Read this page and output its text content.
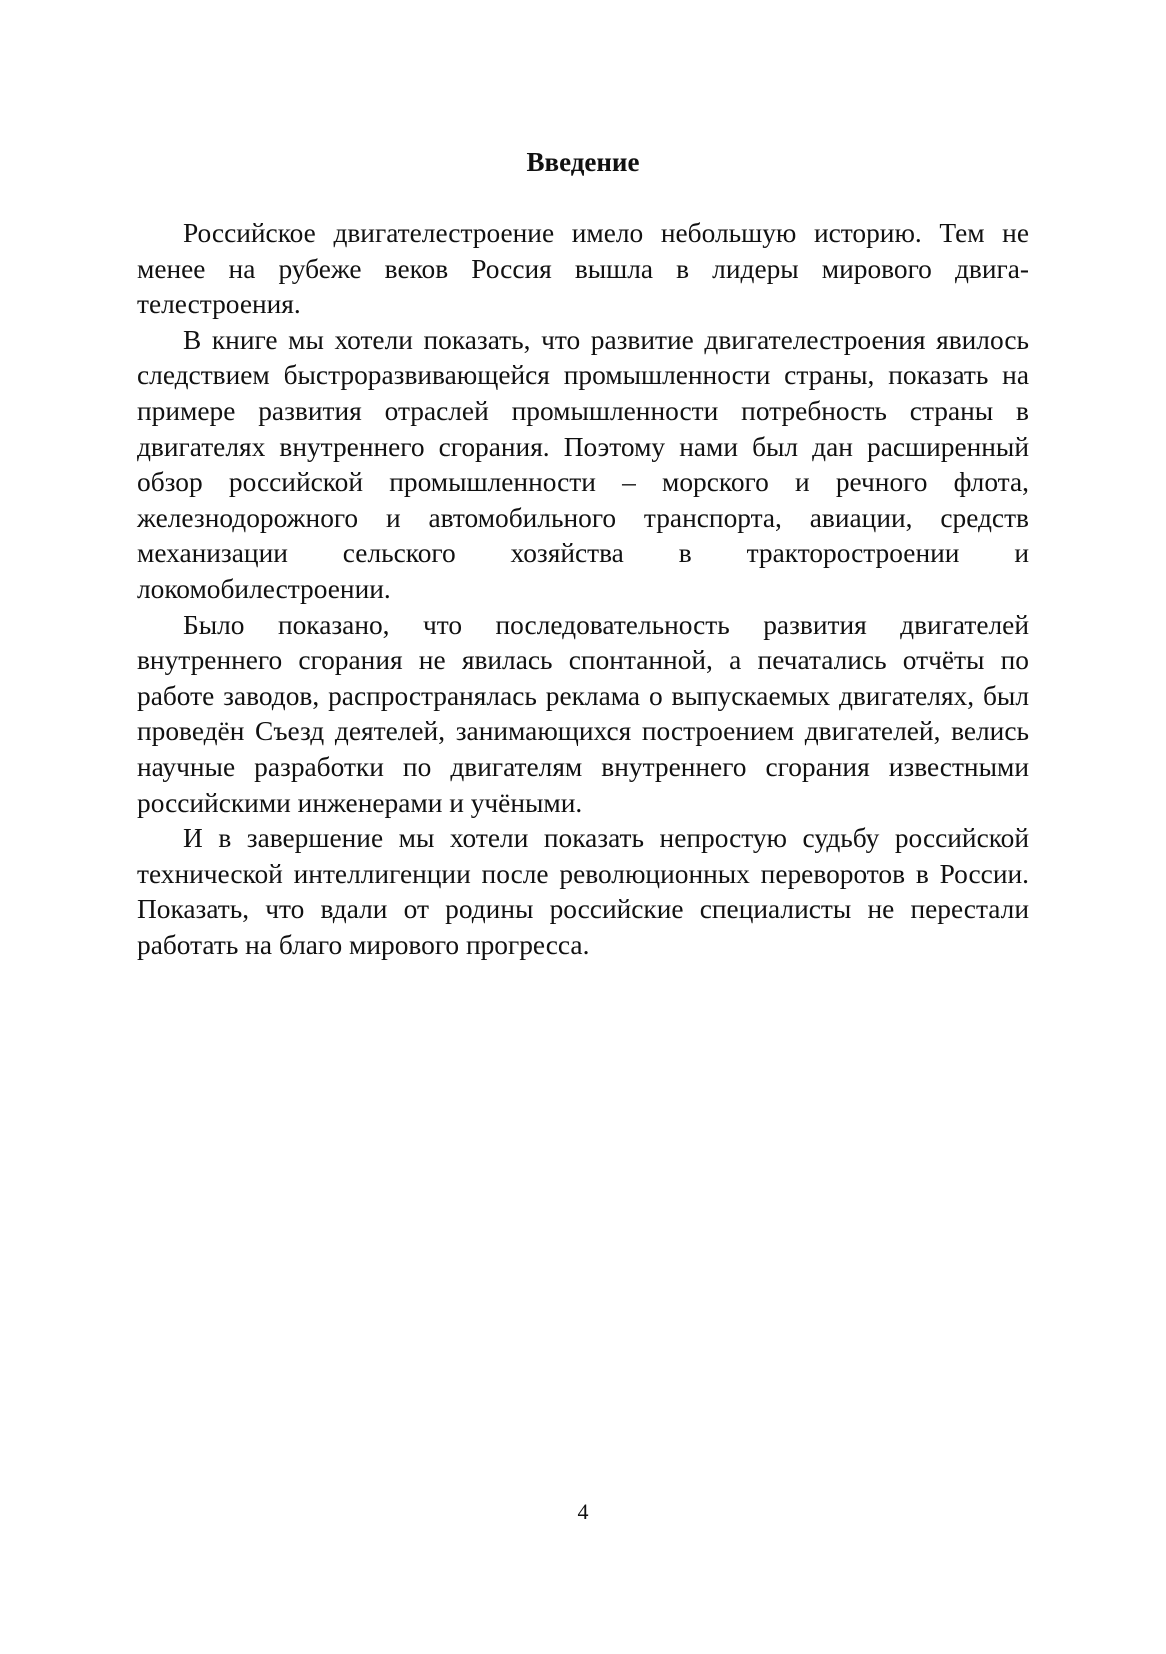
Введение

Российское двигателестроение имело небольшую историю. Тем не менее на рубеже веков Россия вышла в лидеры мирового двигателестроения.

В книге мы хотели показать, что развитие двигателестроения явилось следствием быстроразвивающейся промышленности страны, показать на примере развития отраслей промышленности потребность страны в двигателях внутреннего сгорания. Поэтому нами был дан расширенный обзор российской промышленности – морского и речного флота, железнодорожного и автомобильного транспорта, авиации, средств механизации сельского хозяйства в тракторостроении и локомобилестроении.

Было показано, что последовательность развития двигателей внутреннего сгорания не явилась спонтанной, а печатались отчёты по работе заводов, распространялась реклама о выпускаемых двигателях, был проведён Съезд деятелей, занимающихся построением двигателей, велись научные разработки по двигателям внутреннего сгорания известными российскими инженерами и учёными.

И в завершение мы хотели показать непростую судьбу российской технической интеллигенции после революционных переворотов в России. Показать, что вдали от родины российские специалисты не перестали работать на благо мирового прогресса.

4
